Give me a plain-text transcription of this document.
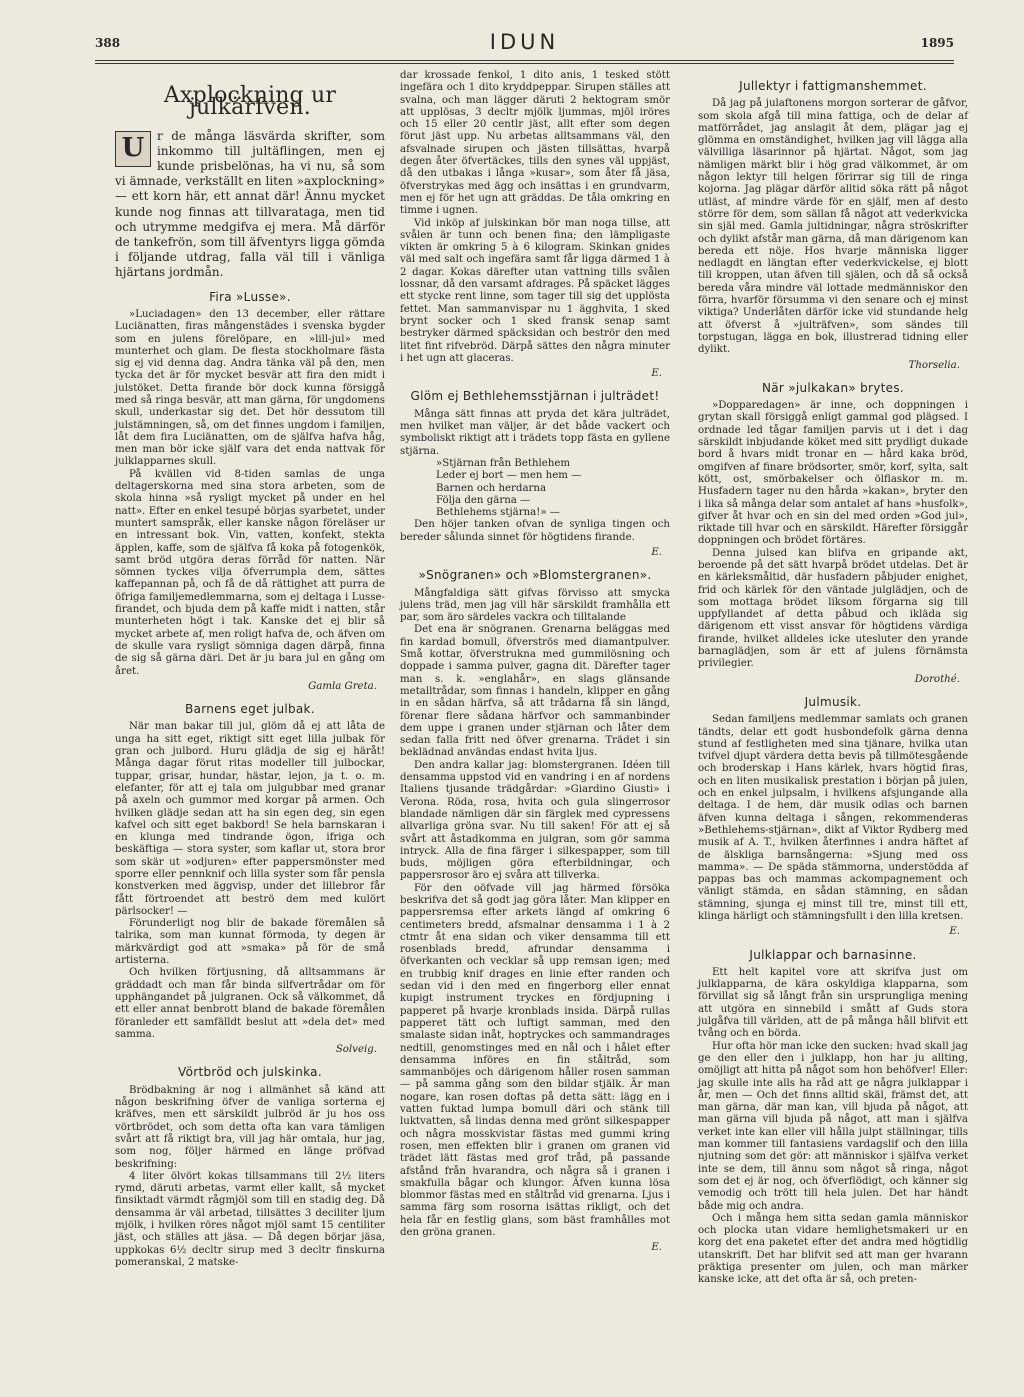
388	IDUN	1895
Axplockning ur julkärfven.
U	r de många läsvärda skrifter, som inkommo till jultäflingen, men ej kunde prisbelönas, ha vi nu, så som vi ämnade, verkställt en liten »axplockning» — ett korn här, ett annat där! Ännu mycket kunde nog finnas att tillvarataga, men tid och utrymme medgifva ej mera. Må därför de tankefrön, som till äfventyrs ligga gömda i följande utdrag, falla väl till i vänliga hjärtans jordmån.
Fira »Lusse».

»Luciadagen» den 13 december, eller rättare Luciänatten, firas mångenstädes i svenska bygder som en julens förelöpare, en »lill-jul» med munterhet och glam. De flesta stockholmare fästa sig ej vid denna dag. Andra tänka väl på den, men tycka det är för mycket besvär att fira den midt i julstöket. Detta firande bör dock kunna försiggå med så ringa besvär, att man gärna, för ungdomens skull, underkastar sig det. Det hör dessutom till julstämningen, så, om det finnes ungdom i familjen, låt dem fira Luciänatten, om de själfva hafva håg, men man bör icke själf vara det enda nattvak för julklapparnes skull.

På kvällen vid 8-tiden samlas de unga deltagerskorna med sina stora arbeten, som de skola hinna »så rysligt mycket på under en hel natt». Efter en enkel tesupé börjas syarbetet, under muntert samspråk, eller kanske någon föreläser ur en intressant bok. Vin, vatten, konfekt, stekta äpplen, kaffe, som de själfva få koka på fotogenkök, samt bröd utgöra deras förråd för natten. När sömnen tyckes vilja öfverrumpla dem, sättes kaffepannan på, och få de då rättighet att purra de öfriga familjemedlemmarna, som ej deltaga i Lusse-firandet, och bjuda dem på kaffe midt i natten, står munterheten högt i tak. Kanske det ej blir så mycket arbete af, men roligt hafva de, och äfven om de skulle vara rysligt sömniga dagen därpå, finna de sig så gärna däri. Det är ju bara jul en gång om året.

Gamla Greta.

Barnens eget julbak.

När man bakar till jul, glöm då ej att låta de unga ha sitt eget, riktigt sitt eget lilla julbak för gran och julbord. Huru glädja de sig ej häråt! Många dagar förut ritas modeller till julbockar, tuppar, grisar, hundar, hästar, lejon, ja t. o. m. elefanter, för att ej tala om julgubbar med granar på axeln och gummor med korgar på armen. Och hvilken glädje sedan att ha sin egen deg, sin egen kafvel och sitt eget bakbord! Se hela barnskaran i en klunga med tindrande ögon, ifriga och beskäftiga — stora syster, som kaflar ut, stora bror som skär ut »odjuren» efter pappersmönster med sporre eller pennknif och lilla syster som får pensla konstverken med äggvisp, under det lillebror får fått förtroendet att beströ dem med kulört pärlsocker! —

Förunderligt nog blir de bakade föremålen så talrika, som man kunnat förmoda, ty degen är märkvärdigt god att »smaka» på för de små artisterna.

Och hvilken förtjusning, då alltsammans är gräddadt och man får binda silfvertrådar om för upphängandet på julgranen. Ock så välkommet, då ett eller annat benbrott bland de bakade föremålen föranleder ett samfälldt beslut att »dela det» med samma.

Solveig.

Vörtbröd och julskinka.

Brödbakning är nog i allmänhet så känd att någon beskrifning öfver de vanliga sorterna ej kräfves, men ett särskildt julbröd är ju hos oss vörtbrödet, och som detta ofta kan vara tämligen svårt att få riktigt bra, vill jag här omtala, hur jag, som nog, följer härmed en länge pröfvad beskrifning:

4 liter ölvört kokas tillsammans till 2½ liters rymd, däruti arbetas, varmt eller kallt, så mycket finsiktadt värmdt rågmjöl som till en stadig deg. Då densamma är väl arbetad, tillsättes 3 deciliter ljum mjölk, i hvilken röres något mjöl samt 15 centiliter jäst, och ställes att jäsa. — Då degen börjar jäsa, uppkokas 6½ decltr sirup med 3 decltr finskurna pomeranskal, 2 matske-

dar krossade fenkol, 1 dito anis, 1 tesked stött ingefära och 1 dito kryddpeppar. Sirupen ställes att svalna, och man lägger däruti 2 hektogram smör att upplösas, 3 decltr mjölk ljummas, mjöl iröres och 15 eller 20 centlr jäst, allt efter som degen förut jäst upp. Nu arbetas alltsammans väl, den afsvalnade sirupen och jästen tillsättas, hvarpå degen åter öfvertäckes, tills den synes väl uppjäst, då den utbakas i långa »kusar», som åter få jäsa, öfverstrykas med ägg och insättas i en grundvarm, men ej för het ugn att gräddas. De tåla omkring en timme i ugnen.

Vid inköp af julskinkan bör man noga tillse, att svålen är tunn och benen fina; den lämpligaste vikten är omkring 5 à 6 kilogram. Skinkan gnides väl med salt och ingefära samt får ligga därmed 1 à 2 dagar. Kokas därefter utan vattning tills svålen lossnar, då den varsamt afdrages. På späcket lägges ett stycke rent linne, som tager till sig det upplösta fettet. Man sammanvispar nu 1 ägghvita, 1 sked brynt socker och 1 sked fransk senap samt bestryker därmed späcksidan och beströr den med litet fint rifvebröd. Därpå sättes den några minuter i het ugn att glaceras.

E.

Glöm ej Bethlehemsstjärnan i julträdet!

Många sätt finnas att pryda det kära julträdet, men hvilket man väljer, är det både vackert och symboliskt riktigt att i trädets topp fästa en gyllene stjärna.

»Stjärnan från Bethlehem

Leder ej bort — men hem —

Barnen och herdarna

Följa den gärna —

Bethlehems stjärna!» —

Den höjer tanken ofvan de synliga tingen och bereder sålunda sinnet för högtidens firande.

E.

»Snögranen» och »Blomstergranen».

Mångfaldiga sätt gifvas förvisso att smycka julens träd, men jag vill här särskildt framhålla ett par, som äro särdeles vackra och tilltalande

Det ena är snögranen. Grenarna beläggas med fin kardad bomull, öfverströs med diamantpulver. Små kottar, öfverstrukna med gummilösning och doppade i samma pulver, gagna dit. Därefter tager man s. k. »englahår», en slags glänsande metalltrådar, som finnas i handeln, klipper en gång in en sådan härfva, så att trådarna få sin längd, förenar flere sådana härfvor och sammanbinder dem uppe i granen under stjärnan och låter dem sedan falla fritt ned öfver grenarna. Trädet i sin beklädnad användas endast hvita ljus.

Den andra kallar jag: blomstergranen. Idéen till densamma uppstod vid en vandring i en af nordens Italiens tjusande trädgårdar: »Giardino Giusti» i Verona. Röda, rosa, hvita och gula slingerrosor blandade nämligen där sin färglek med cypressens allvarliga gröna svar. Nu till saken! För att ej så svårt att åstadkomma en julgran, som gör samma intryck. Alla de fina färger i silkespapper, som till buds, möjligen göra efterbildningar, och pappersrosor äro ej svåra att tillverka.

För den oöfvade vill jag härmed försöka beskrifva det så godt jag göra låter. Man klipper en pappersremsa efter arkets längd af omkring 6 centimeters bredd, afsmalnar densamma i 1 à 2 ctmtr åt ena sidan och viker densamma till ett rosenblads bredd, afrundar densamma i öfverkanten och vecklar så upp remsan igen; med en trubbig knif drages en linie efter randen och sedan vid i den med en fingerborg eller ennat kupigt instrument tryckes en fördjupning i papperet på hvarje kronblads insida. Därpå rullas papperet tätt och luftigt samman, med den smalaste sidan inåt, hoptryckes och sammandrages nedtill, genomstinges med en nål och i hålet efter densamma införes en fin ståltråd, som sammanböjes och därigenom håller rosen samman — på samma gång som den bildar stjälk. Är man nogare, kan rosen doftas på detta sätt: lägg en i vatten fuktad lumpa bomull däri och stänk till luktvatten, så lindas denna med grönt silkespapper och några mosskvistar fästas med gummi kring rosen, men effekten blir i granen om granen vid trädet lätt fästas med grof tråd, på passande afstånd från hvarandra, och några så i granen i smakfulla bågar och klungor. Äfven kunna lösa blommor fästas med en ståltråd vid grenarna. Ljus i samma färg som rosorna isättas rikligt, och det hela får en festlig glans, som bäst framhålles mot den gröna granen.

E.

Jullektyr i fattigmanshemmet.

Då jag på julaftonens morgon sorterar de gåfvor, som skola afgå till mina fattiga, och de delar af matförrådet, jag anslagit åt dem, plägar jag ej glömma en omständighet, hvilken jag vill lägga alla välvilliga läsarinnor på hjärtat. Något, som jag nämligen märkt blir i hög grad välkommet, är om någon lektyr till helgen förirrar sig till de ringa kojorna. Jag plägar därför alltid söka rätt på något utläst, af mindre värde för en själf, men af desto större för dem, som sällan få något att vederkvicka sin själ med. Gamla jultidningar, några ströskrifter och dylikt afstår man gärna, då man därigenom kan bereda ett nöje. Hos hvarje människa ligger nedlagdt en längtan efter vederkvickelse, ej blott till kroppen, utan äfven till själen, och då så också bereda våra mindre väl lottade medmänniskor den förra, hvarför försumma vi den senare och ej minst viktiga? Underlåten därför icke vid stundande helg att öfverst å »julträfven», som sändes till torpstugan, lägga en bok, illustrerad tidning eller dylikt.

Thorselia.

När »julkakan» brytes.

»Dopparedagen» är inne, och doppningen i grytan skall försiggå enligt gammal god plägsed. I ordnade led tågar familjen parvis ut i det i dag särskildt inbjudande köket med sitt prydligt dukade bord å hvars midt tronar en — hård kaka bröd, omgifven af finare brödsorter, smör, korf, sylta, salt kött, ost, smörbakelser och ölflaskor m. m. Husfadern tager nu den hårda »kakan», bryter den i lika så många delar som antalet af hans »husfolk», gifver åt hvar och en sin del med orden »God jul», riktade till hvar och en särskildt. Härefter försiggår doppningen och brödet förtäres.

Denna julsed kan blifva en gripande akt, beroende på det sätt hvarpå brödet utdelas. Det är en kärleksmåltid, där husfadern påbjuder enighet, frid och kärlek för den väntade julglädjen, och de som mottaga brödet liksom förgarna sig till uppfyllandet af detta påbud och ikläda sig därigenom ett visst ansvar för högtidens värdiga firande, hvilket alldeles icke utesluter den yrande barnaglädjen, som är ett af julens förnämsta privilegier.

Dorothé.

Julmusik.

Sedan familjens medlemmar samlats och granen tändts, delar ett godt husbondefolk gärna denna stund af festligheten med sina tjänare, hvilka utan tvifvel djupt värdera detta bevis på tillmötesgående och broderskap i Hans kärlek, hvars högtid firas, och en liten musikalisk prestation i början på julen, och en enkel julpsalm, i hvilkens afsjungande alla deltaga. I de hem, där musik odlas och barnen äfven kunna deltaga i sången, rekommenderas »Bethlehems-stjärnan», dikt af Viktor Rydberg med musik af A. T., hvilken återfinnes i andra häftet af de älskliga barnsångerna: »Sjung med oss mamma». — De späda stämmorna, understödda af pappas bas och mammas ackompagnement och vänligt stämda, en sådan stämning, en sådan stämning, sjunga ej minst till tre, minst till ett, klinga härligt och stämningsfullt i den lilla kretsen.

E.

Julklappar och barnasinne.

Ett helt kapitel vore att skrifva just om julklapparna, de kära oskyldiga klapparna, som förvillat sig så långt från sin ursprungliga mening att utgöra en sinnebild i smått af Guds stora julgåfva till världen, att de på många håll blifvit ett tvång och en börda.

Hur ofta hör man icke den sucken: hvad skall jag ge den eller den i julklapp, hon har ju allting, omöjligt att hitta på något som hon behöfver! Eller: jag skulle inte alls ha råd att ge några julklappar i år, men — Och det finns alltid skäl, främst det, att man gärna, där man kan, vill bjuda på något, att man gärna vill bjuda på något, att man i själfva verket inte kan eller vill hålla julpt ställningar, tills man kommer till fantasiens vardagslif och den lilla njutning som det gör: att människor i själfva verket inte se dem, till ännu som något så ringa, något som det ej är nog, och öfverflödigt, och känner sig vemodig och trött till hela julen. Det har händt både mig och andra.

Och i många hem sitta sedan gamla människor och plocka utan vidare hemlighetsmakeri ur en korg det ena paketet efter det andra med högtidlig utanskrift. Det har blifvit sed att man ger hvarann präktiga presenter om julen, och man märker kanske icke, att det ofta är så, och preten-
